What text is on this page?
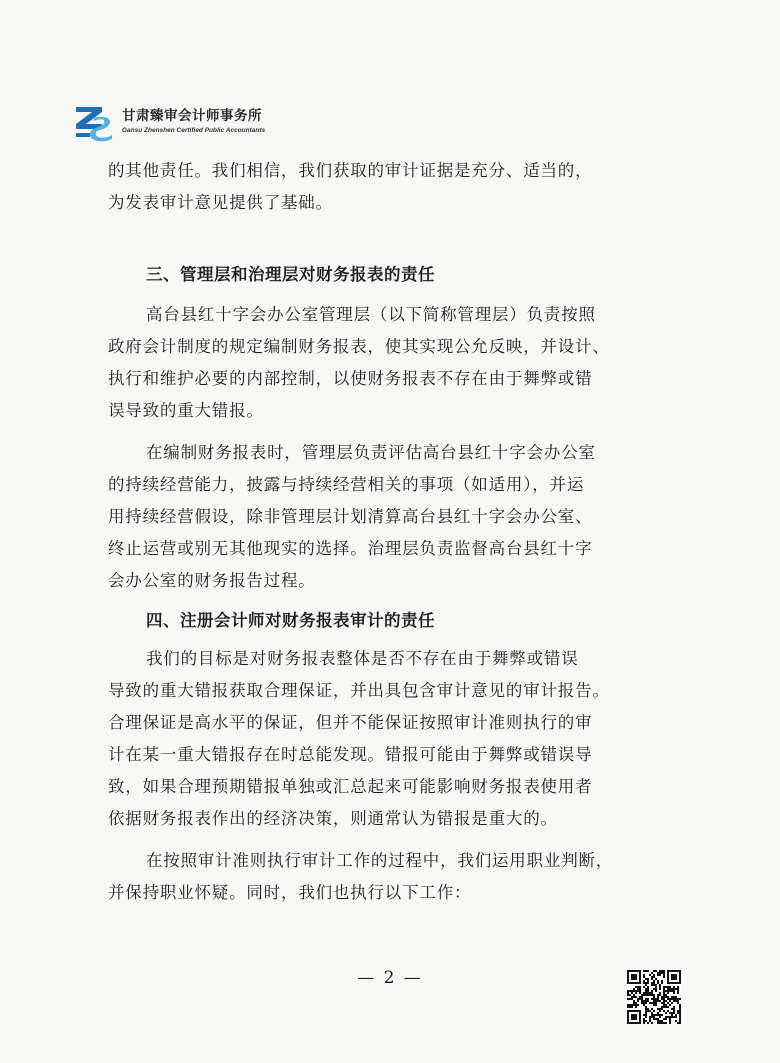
甘肃臻审会计师事务所
Gansu Zhenshen Certified Public Accountants
的其他责任。我们相信，我们获取的审计证据是充分、适当的，
为发表审计意见提供了基础。
三、管理层和治理层对财务报表的责任
高台县红十字会办公室管理层（以下简称管理层）负责按照
政府会计制度的规定编制财务报表，使其实现公允反映，并设计、
执行和维护必要的内部控制，以使财务报表不存在由于舞弊或错
误导致的重大错报。
在编制财务报表时，管理层负责评估高台县红十字会办公室
的持续经营能力，披露与持续经营相关的事项（如适用），并运
用持续经营假设，除非管理层计划清算高台县红十字会办公室、
终止运营或别无其他现实的选择。治理层负责监督高台县红十字
会办公室的财务报告过程。
四、注册会计师对财务报表审计的责任
我们的目标是对财务报表整体是否不存在由于舞弊或错误
导致的重大错报获取合理保证，并出具包含审计意见的审计报告。
合理保证是高水平的保证，但并不能保证按照审计准则执行的审
计在某一重大错报存在时总能发现。错报可能由于舞弊或错误导
致，如果合理预期错报单独或汇总起来可能影响财务报表使用者
依据财务报表作出的经济决策，则通常认为错报是重大的。
在按照审计准则执行审计工作的过程中，我们运用职业判断，
并保持职业怀疑。同时，我们也执行以下工作：
— 2 —
